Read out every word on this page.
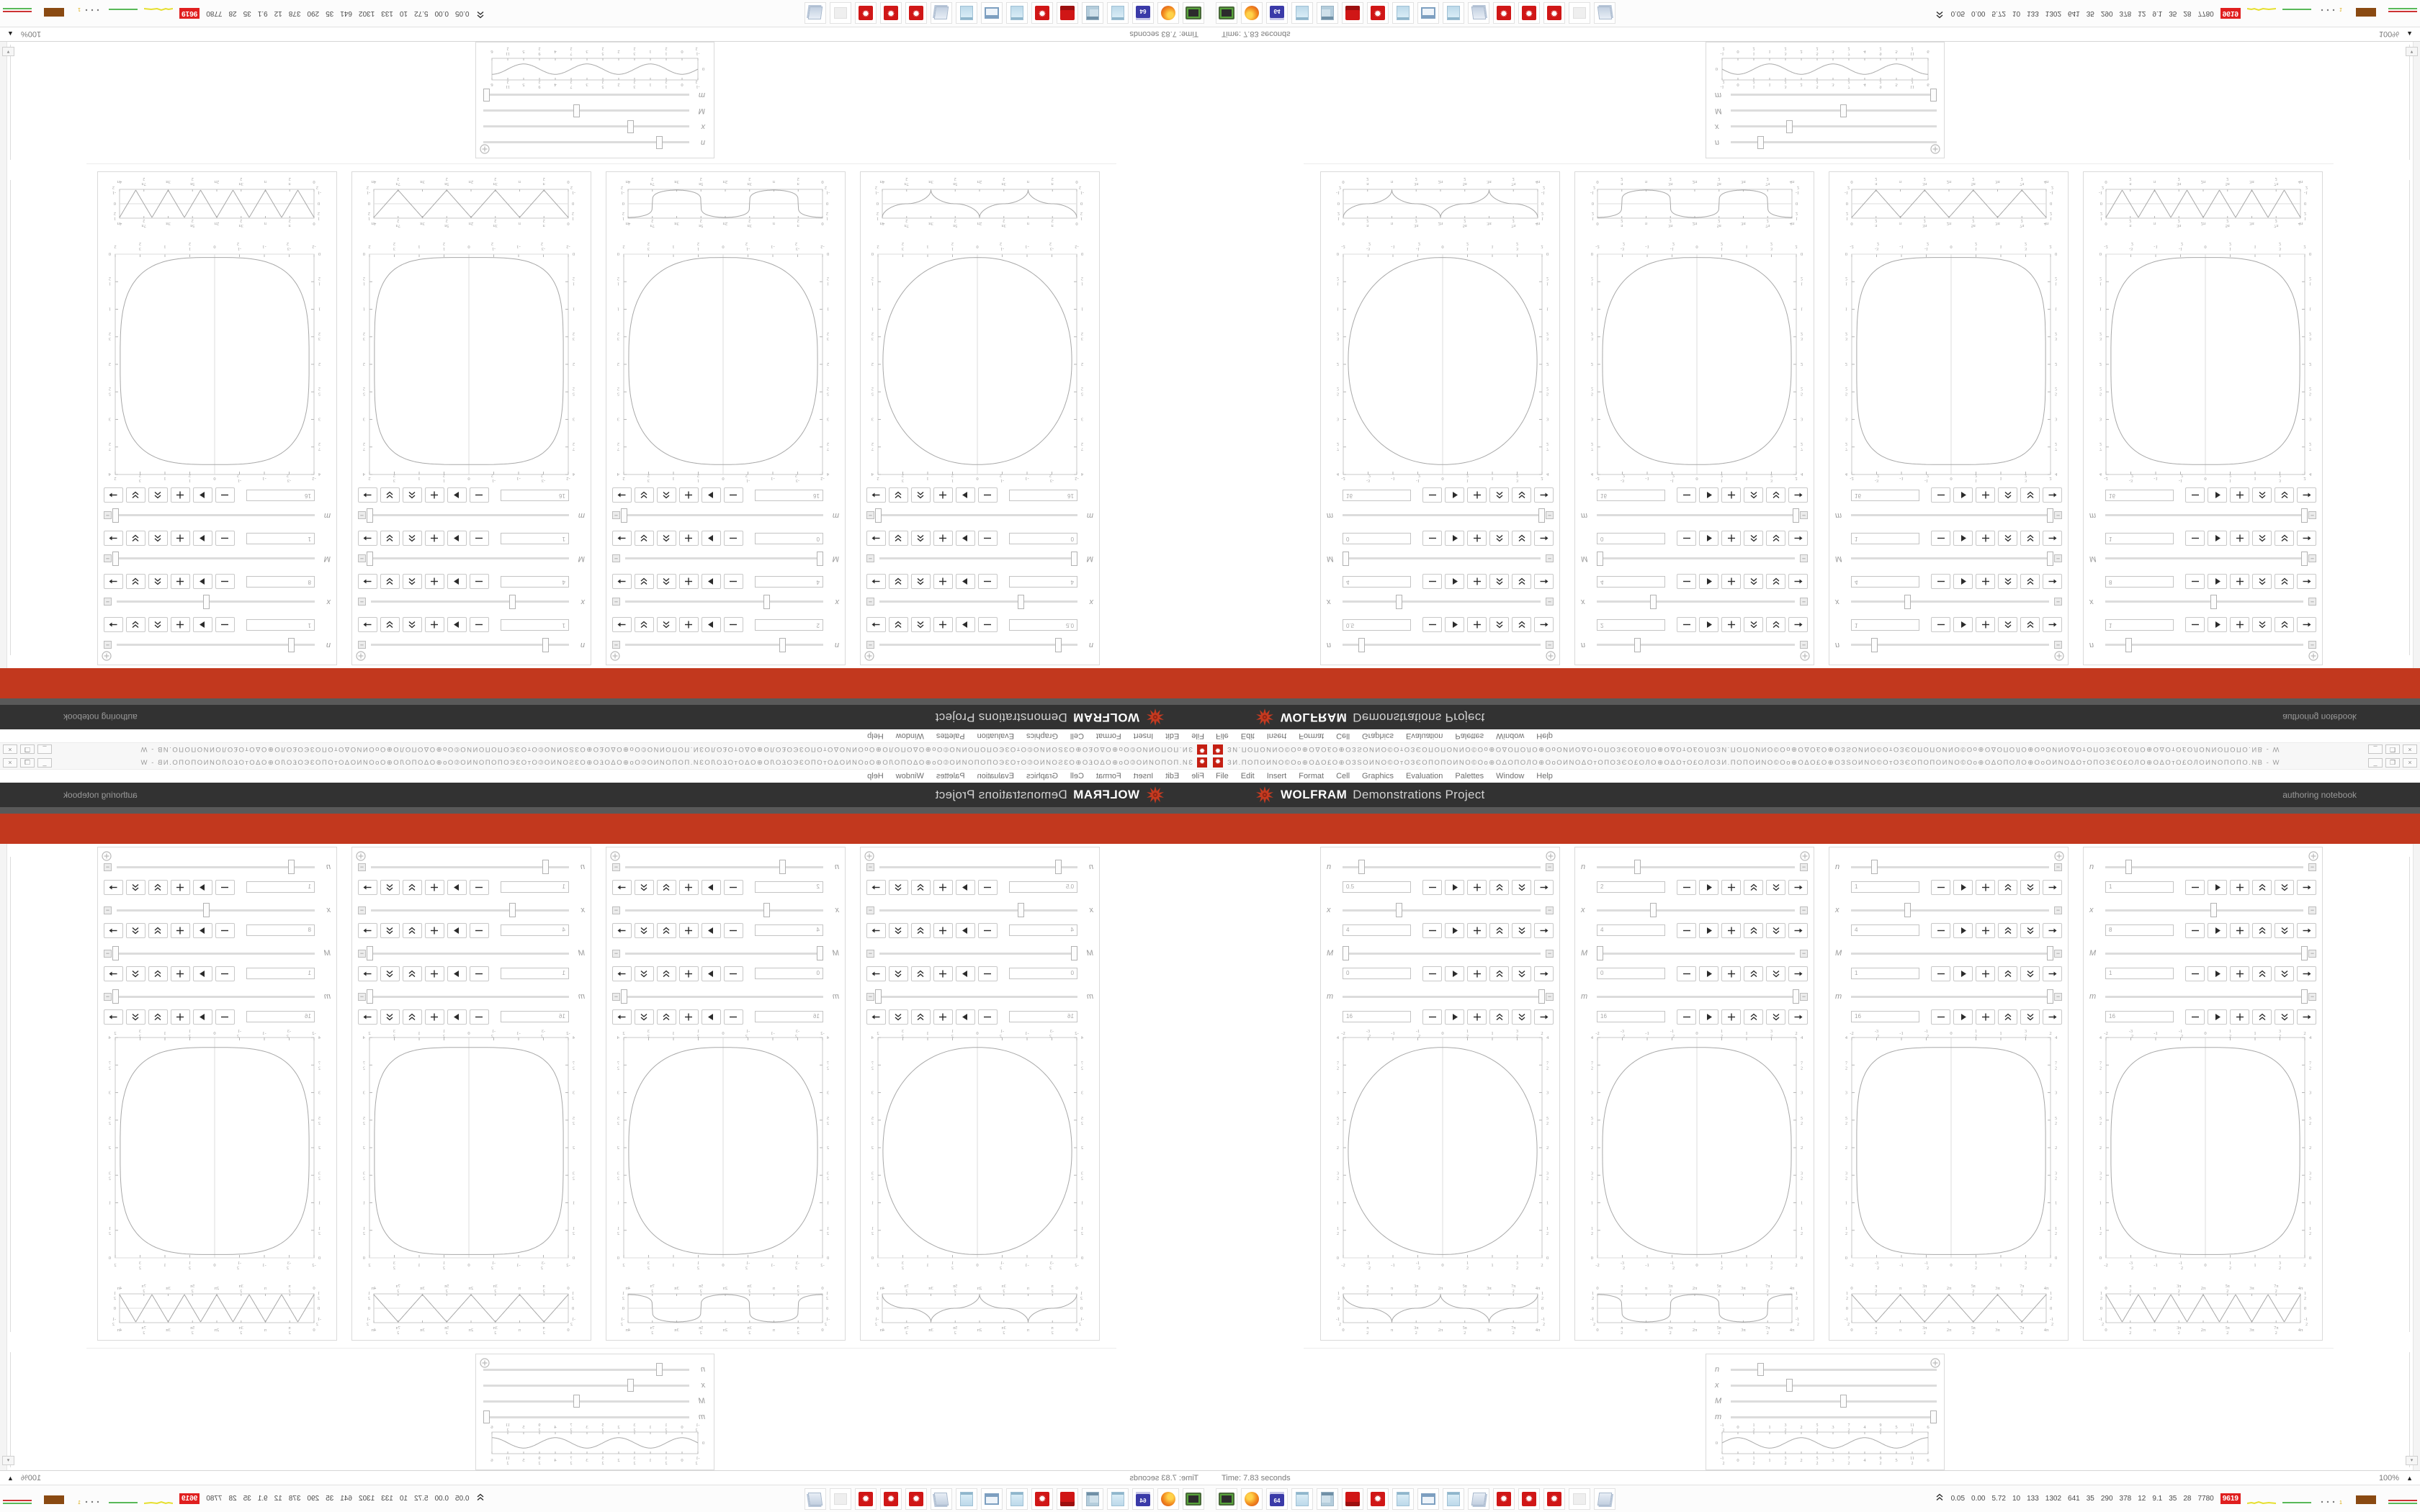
✹ ЗИ.ПОПОИNО©Оо⊕ОΔО£О⊕ОЗЅОИNО©ОтОЗЄОПОПОИNО©Оо⊕ОΔОПОЛО⊕ОоОИNОΔОтОПОЗЄО£ОЛО⊕ОΔОтО£ОЛОЗИ.ПОПОИNО©Оо⊕ОΔО£О⊕ОЗЅОИNО©ОтОЗЄОПОПОИNО©Оо⊕ОΔОПОЛО⊕ОоОИNОΔОтОПОЗЄО£ОЛО⊕ОΔОтО£ОЛОИNОПОПО.NB - W	_	❒	×
File Edit Insert Format Cell Graphics Evaluation Palettes Window Help
WOLFRAM Demonstrations Project	authoring notebook
▾
Time: 7.83 seconds	100% ▲
64	✹	✹	✹	✹	0.05 0.00 5.72 10 133 1302 641 35 290 378 12 9.1 35 28 7780	9619	1
n	−
0.5
x	−
4
M	−
0
m	−
16
-2
-2
-3
2
-3
2
-1
-1
-1
2
-1
2
0
0
1
2
1
2
1
1
3
2
3
2
2
2
0	0
1
2
1
2
1	1
3
2
3
2
2	2
5
2
5
2
3	3
7
2
7
2
4	4
0
0
π
2
π
2
π
π
3π
2
3π
2
2π
2π
5π
2
5π
2
3π
3π
7π
2
7π
2
4π
4π
1
2
0
-1
2
1
2
0
-1
2
n	−
2
x	−
4
M	−
0
m	−
16
-2
-2
-3
2
-3
2
-1
-1
-1
2
-1
2
0
0
1
2
1
2
1
1
3
2
3
2
2
2
0	0
1
2
1
2
1	1
3
2
3
2
2	2
5
2
5
2
3	3
7
2
7
2
4	4
0
0
π
2
π
2
π
π
3π
2
3π
2
2π
2π
5π
2
5π
2
3π
3π
7π
2
7π
2
4π
4π
1
2
0
-1
2
1
2
0
-1
2
n	−
1
x	−
4
M	−
1
m	−
16
-2
-2
-3
2
-3
2
-1
-1
-1
2
-1
2
0
0
1
2
1
2
1
1
3
2
3
2
2
2
0	0
1
2
1
2
1	1
3
2
3
2
2	2
5
2
5
2
3	3
7
2
7
2
4	4
0
0
π
2
π
2
π
π
3π
2
3π
2
2π
2π
5π
2
5π
2
3π
3π
7π
2
7π
2
4π
4π
1
2
0
-1
2
1
2
0
-1
2
n	−
1
x	−
8
M	−
1
m	−
16
-2
-2
-3
2
-3
2
-1
-1
-1
2
-1
2
0
0
1
2
1
2
1
1
3
2
3
2
2
2
0	0
1
2
1
2
1	1
3
2
3
2
2	2
5
2
5
2
3	3
7
2
7
2
4	4
0
0
π
2
π
2
π
π
3π
2
3π
2
2π
2π
5π
2
5π
2
3π
3π
7π
2
7π
2
4π
4π
1
2
0
-1
2
1
2
0
-1
2
n
x
M
m
-1
2
-1
2
0
0
1
2
1
2
1
1
3
2
3
2
2
2
5
2
5
2
3
3
7
2
7
2
4
4
9
2
9
2
5
5
11
2
11
2
6
6
0
✹
ЗИ.ПОПОИNО©Оо⊕ОΔО£О⊕ОЗЅОИNО©ОтОЗЄОПОПОИNО©Оо⊕ОΔОПОЛО⊕ОоОИNОΔОтОПОЗЄО£ОЛО⊕ОΔОтО£ОЛОЗИ.ПОПОИNО©Оо⊕ОΔО£О⊕ОЗЅОИNО©ОтОЗЄОПОПОИNО©Оо⊕ОΔОПОЛО⊕ОоОИNОΔОтОПОЗЄО£ОЛО⊕ОΔОтО£ОЛОИNОПОПО.NB - W
_
❒
×
File
Edit
Insert
Format
Cell
Graphics
Evaluation
Palettes
Window
Help
WOLFRAM
Demonstrations Project
authoring notebook
▾
Time: 7.83 seconds
100%
▲
64
✹
✹
✹
✹
0.05
0.00
5.72
10
133
1302
641
35
290
378
12
9.1
35
28
7780
9619
1
n
−
0.5
x
−
4
M
−
0
m
−
16
-2
-2
-3
2
-3
2
-1
-1
-1
2
-1
2
0
0
1
2
1
2
1
1
3
2
3
2
2
2
0
0
1
2
1
2
1
1
3
2
3
2
2
2
5
2
5
2
3
3
7
2
7
2
4
4
0
0
π
2
π
2
π
π
3π
2
3π
2
2π
2π
5π
2
5π
2
3π
3π
7π
2
7π
2
4π
4π
1
2
0
-1
2
1
2
0
-1
2
n
−
2
x
−
4
M
−
0
m
−
16
-2
-2
-3
2
-3
2
-1
-1
-1
2
-1
2
0
0
1
2
1
2
1
1
3
2
3
2
2
2
0
0
1
2
1
2
1
1
3
2
3
2
2
2
5
2
5
2
3
3
7
2
7
2
4
4
0
0
π
2
π
2
π
π
3π
2
3π
2
2π
2π
5π
2
5π
2
3π
3π
7π
2
7π
2
4π
4π
1
2
0
-1
2
1
2
0
-1
2
n
−
1
x
−
4
M
−
1
m
−
16
-2
-2
-3
2
-3
2
-1
-1
-1
2
-1
2
0
0
1
2
1
2
1
1
3
2
3
2
2
2
0
0
1
2
1
2
1
1
3
2
3
2
2
2
5
2
5
2
3
3
7
2
7
2
4
4
0
0
π
2
π
2
π
π
3π
2
3π
2
2π
2π
5π
2
5π
2
3π
3π
7π
2
7π
2
4π
4π
1
2
0
-1
2
1
2
0
-1
2
n
−
1
x
−
8
M
−
1
m
−
16
-2
-2
-3
2
-3
2
-1
-1
-1
2
-1
2
0
0
1
2
1
2
1
1
3
2
3
2
2
2
0
0
1
2
1
2
1
1
3
2
3
2
2
2
5
2
5
2
3
3
7
2
7
2
4
4
0
0
π
2
π
2
π
π
3π
2
3π
2
2π
2π
5π
2
5π
2
3π
3π
7π
2
7π
2
4π
4π
1
2
0
-1
2
1
2
0
-1
2
n
x
M
m
-1
2
-1
2
0
0
1
2
1
2
1
1
3
2
3
2
2
2
5
2
5
2
3
3
7
2
7
2
4
4
9
2
9
2
5
5
11
2
11
2
6
6
0
✹ ЗИ.ПОПОИNО©Оо⊕ОΔО£О⊕ОЗЅОИNО©ОтОЗЄОПОПОИNО©Оо⊕ОΔОПОЛО⊕ОоОИNОΔОтОПОЗЄО£ОЛО⊕ОΔОтО£ОЛОЗИ.ПОПОИNО©Оо⊕ОΔО£О⊕ОЗЅОИNО©ОтОЗЄОПОПОИNО©Оо⊕ОΔОПОЛО⊕ОоОИNОΔОтОПОЗЄО£ОЛО⊕ОΔОтО£ОЛОИNОПОПО.NB - W	_	❒	×
File Edit Insert Format Cell Graphics Evaluation Palettes Window Help
WOLFRAM Demonstrations Project	authoring notebook
▾
Time: 7.83 seconds	100% ▲
64	✹	✹	✹	✹	0.05 0.00 5.72 10 133 1302 641 35 290 378 12 9.1 35 28 7780	9619	1
n	−
0.5
x	−
4
M	−
0
m	−
16
-2
-2
-3
2
-3
2
-1
-1
-1
2
-1
2
0
0
1
2
1
2
1
1
3
2
3
2
2
2
0	0
1
2
1
2
1	1
3
2
3
2
2	2
5
2
5
2
3	3
7
2
7
2
4	4
0
0
π
2
π
2
π
π
3π
2
3π
2
2π
2π
5π
2
5π
2
3π
3π
7π
2
7π
2
4π
4π
1
2
0
-1
2
1
2
0
-1
2
n	−
2
x	−
4
M	−
0
m	−
16
-2
-2
-3
2
-3
2
-1
-1
-1
2
-1
2
0
0
1
2
1
2
1
1
3
2
3
2
2
2
0	0
1
2
1
2
1	1
3
2
3
2
2	2
5
2
5
2
3	3
7
2
7
2
4	4
0
0
π
2
π
2
π
π
3π
2
3π
2
2π
2π
5π
2
5π
2
3π
3π
7π
2
7π
2
4π
4π
1
2
0
-1
2
1
2
0
-1
2
n	−
1
x	−
4
M	−
1
m	−
16
-2
-2
-3
2
-3
2
-1
-1
-1
2
-1
2
0
0
1
2
1
2
1
1
3
2
3
2
2
2
0	0
1
2
1
2
1	1
3
2
3
2
2	2
5
2
5
2
3	3
7
2
7
2
4	4
0
0
π
2
π
2
π
π
3π
2
3π
2
2π
2π
5π
2
5π
2
3π
3π
7π
2
7π
2
4π
4π
1
2
0
-1
2
1
2
0
-1
2
n	−
1
x	−
8
M	−
1
m	−
16
-2
-2
-3
2
-3
2
-1
-1
-1
2
-1
2
0
0
1
2
1
2
1
1
3
2
3
2
2
2
0	0
1
2
1
2
1	1
3
2
3
2
2	2
5
2
5
2
3	3
7
2
7
2
4	4
0
0
π
2
π
2
π
π
3π
2
3π
2
2π
2π
5π
2
5π
2
3π
3π
7π
2
7π
2
4π
4π
1
2
0
-1
2
1
2
0
-1
2
n
x
M
m
-1
2
-1
2
0
0
1
2
1
2
1
1
3
2
3
2
2
2
5
2
5
2
3
3
7
2
7
2
4
4
9
2
9
2
5
5
11
2
11
2
6
6
0
✹
ЗИ.ПОПОИNО©Оо⊕ОΔО£О⊕ОЗЅОИNО©ОтОЗЄОПОПОИNО©Оо⊕ОΔОПОЛО⊕ОоОИNОΔОтОПОЗЄО£ОЛО⊕ОΔОтО£ОЛОЗИ.ПОПОИNО©Оо⊕ОΔО£О⊕ОЗЅОИNО©ОтОЗЄОПОПОИNО©Оо⊕ОΔОПОЛО⊕ОоОИNОΔОтОПОЗЄО£ОЛО⊕ОΔОтО£ОЛОИNОПОПО.NB - W
_
❒
×
File
Edit
Insert
Format
Cell
Graphics
Evaluation
Palettes
Window
Help
WOLFRAM
Demonstrations Project
authoring notebook
▾
Time: 7.83 seconds
100%
▲
64
✹
✹
✹
✹
0.05
0.00
5.72
10
133
1302
641
35
290
378
12
9.1
35
28
7780
9619
1
n
−
0.5
x
−
4
M
−
0
m
−
16
-2
-2
-3
2
-3
2
-1
-1
-1
2
-1
2
0
0
1
2
1
2
1
1
3
2
3
2
2
2
0
0
1
2
1
2
1
1
3
2
3
2
2
2
5
2
5
2
3
3
7
2
7
2
4
4
0
0
π
2
π
2
π
π
3π
2
3π
2
2π
2π
5π
2
5π
2
3π
3π
7π
2
7π
2
4π
4π
1
2
0
-1
2
1
2
0
-1
2
n
−
2
x
−
4
M
−
0
m
−
16
-2
-2
-3
2
-3
2
-1
-1
-1
2
-1
2
0
0
1
2
1
2
1
1
3
2
3
2
2
2
0
0
1
2
1
2
1
1
3
2
3
2
2
2
5
2
5
2
3
3
7
2
7
2
4
4
0
0
π
2
π
2
π
π
3π
2
3π
2
2π
2π
5π
2
5π
2
3π
3π
7π
2
7π
2
4π
4π
1
2
0
-1
2
1
2
0
-1
2
n
−
1
x
−
4
M
−
1
m
−
16
-2
-2
-3
2
-3
2
-1
-1
-1
2
-1
2
0
0
1
2
1
2
1
1
3
2
3
2
2
2
0
0
1
2
1
2
1
1
3
2
3
2
2
2
5
2
5
2
3
3
7
2
7
2
4
4
0
0
π
2
π
2
π
π
3π
2
3π
2
2π
2π
5π
2
5π
2
3π
3π
7π
2
7π
2
4π
4π
1
2
0
-1
2
1
2
0
-1
2
n
−
1
x
−
8
M
−
1
m
−
16
-2
-2
-3
2
-3
2
-1
-1
-1
2
-1
2
0
0
1
2
1
2
1
1
3
2
3
2
2
2
0
0
1
2
1
2
1
1
3
2
3
2
2
2
5
2
5
2
3
3
7
2
7
2
4
4
0
0
π
2
π
2
π
π
3π
2
3π
2
2π
2π
5π
2
5π
2
3π
3π
7π
2
7π
2
4π
4π
1
2
0
-1
2
1
2
0
-1
2
n
x
M
m
-1
2
-1
2
0
0
1
2
1
2
1
1
3
2
3
2
2
2
5
2
5
2
3
3
7
2
7
2
4
4
9
2
9
2
5
5
11
2
11
2
6
6
0
